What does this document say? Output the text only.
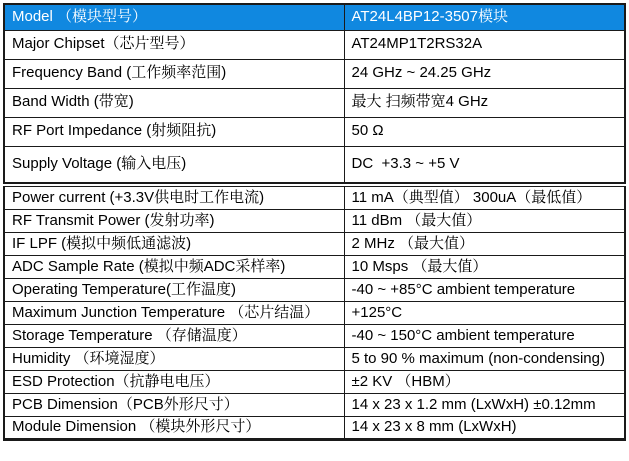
Model （模块型号）	AT24L4BP12-3507模块
Major Chipset（芯片型号）	AT24MP1T2RS32A
Frequency Band (工作频率范围)	24 GHz ~ 24.25 GHz
Band Width (带宽)	最大 扫频带宽4 GHz
RF Port Impedance (射频阻抗)	50 Ω
Supply Voltage (输入电压)	DC  +3.3 ~ +5 V
Power current (+3.3V供电时工作电流)	11 mA（典型值） 300uA（最低值）
RF Transmit Power (发射功率)	11 dBm （最大值）
IF LPF (模拟中频低通滤波)	2 MHz （最大值）
ADC Sample Rate (模拟中频ADC采样率)	10 Msps （最大值）
Operating Temperature(工作温度)	-40 ~ +85°C ambient temperature
Maximum Junction Temperature （芯片结温）	+125°C
Storage Temperature （存储温度）	-40 ~ 150°C ambient temperature
Humidity （环境湿度）	5 to 90 % maximum (non-condensing)
ESD Protection（抗静电电压）	±2 KV （HBM）
PCB Dimension（PCB外形尺寸）	14 x 23 x 1.2 mm (LxWxH) ±0.12mm
Module Dimension （模块外形尺寸）	14 x 23 x 8 mm (LxWxH)
